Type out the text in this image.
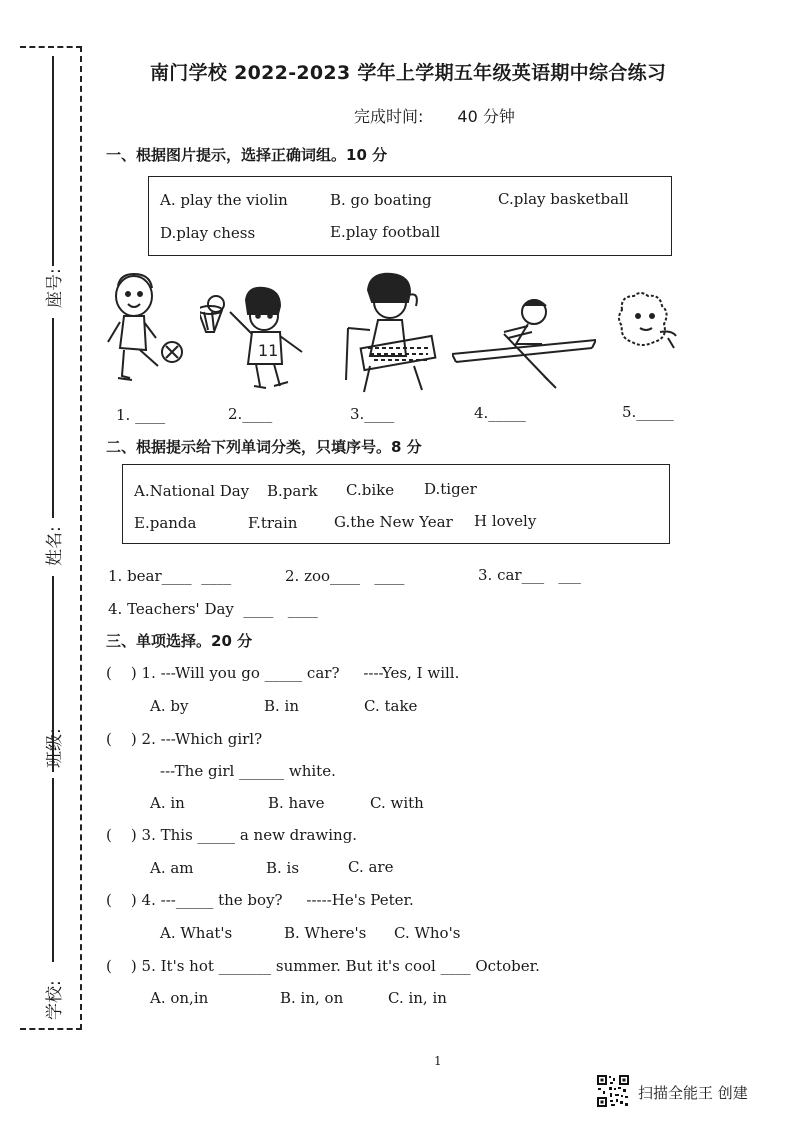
座号:
姓名:
班级:
学校:
南门学校 2022-2023 学年上学期五年级英语期中综合练习
完成时间: 40 分钟
一、根据图片提示，选择正确词组。10 分
A. play the violin	B. go boating	C.play basketball
D.play chess	E.play football
11
1. ____	2.____	3.____	4._____	5._____
二、根据提示给下列单词分类，只填序号。8 分
A.National Day B.park C.bike D.tiger
E.panda	F.train G.the New Year H lovely
1. bear____  ____	2. zoo____   ____	3. car___   ___
4. Teachers' Day  ____   ____
三、单项选择。20 分
(    ) 1. ---Will you go _____ car?     ----Yes, I will.
A. by	B. in	C. take
(    ) 2. ---Which girl?
---The girl ______ white.
A. in	B. have	C. with
(    ) 3. This _____ a new drawing.
A. am	B. is	C. are
(    ) 4. ---_____ the boy?     -----He's Peter.
A. What's	B. Where's C. Who's
(    ) 5. It's hot _______ summer. But it's cool ____ October.
A. on,in	B. in, on	C. in, in
1
扫描全能王 创建
